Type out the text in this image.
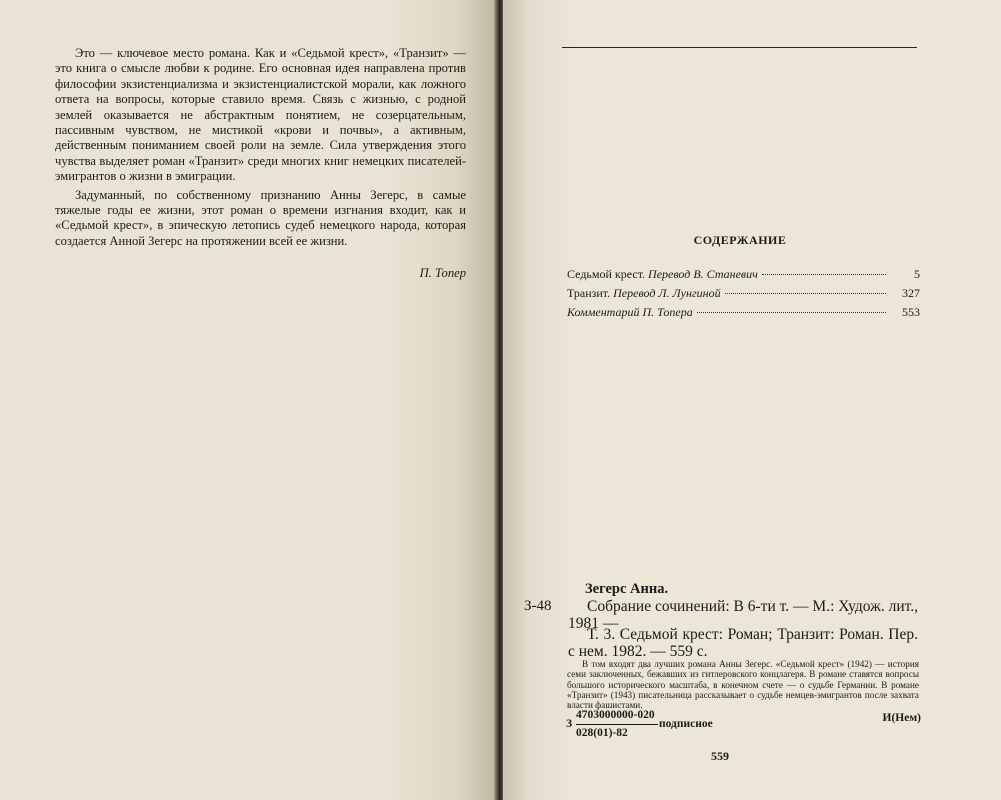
Это — ключевое место романа. Как и «Седьмой крест», «Транзит» — это книга о смысле любви к родине. Его основная идея направлена против философии экзистенциализма и экзистенциалистской морали, как ложного ответа на вопросы, которые ставило время. Связь с жизнью, с родной землей оказывается не абстрактным понятием, не созерцательным, пассивным чувством, не мистикой «крови и почвы», а активным, действенным пониманием своей роли на земле. Сила утверждения этого чувства выделяет роман «Транзит» среди многих книг немецких писателей-эмигрантов о жизни в эмиграции.

Задуманный, по собственному признанию Анны Зегерс, в самые тяжелые годы ее жизни, этот роман о времени изгнания входит, как и «Седьмой крест», в эпическую летопись судеб немецкого народа, которая создается Анной Зегерс на протяжении всей ее жизни.

П. Топер
СОДЕРЖАНИЕ
Седьмой крест. Перевод В. Станевич	5
Транзит. Перевод Л. Лунгиной	327
Комментарий П. Топера	553
З-48
Зегерс Анна.
Собрание сочинений: В 6-ти т. — М.: Худож. лит., 1981 —
Т. 3. Седьмой крест: Роман; Транзит: Роман. Пер. с нем. 1982. — 559 с.
В том входят два лучших романа Анны Зегерс. «Седьмой крест» (1942) — история семи заключенных, бежавших из гитлеровского концлагеря. В романе ставятся вопросы большого исторического масштаба, в конечном счете — о судьбе Германии. В романе «Транзит» (1943) писательница рассказывает о судьбе немцев-эмигрантов после захвата власти фашистами.
З
4703000000-020
028(01)-82
подписное	И(Нем)
559
